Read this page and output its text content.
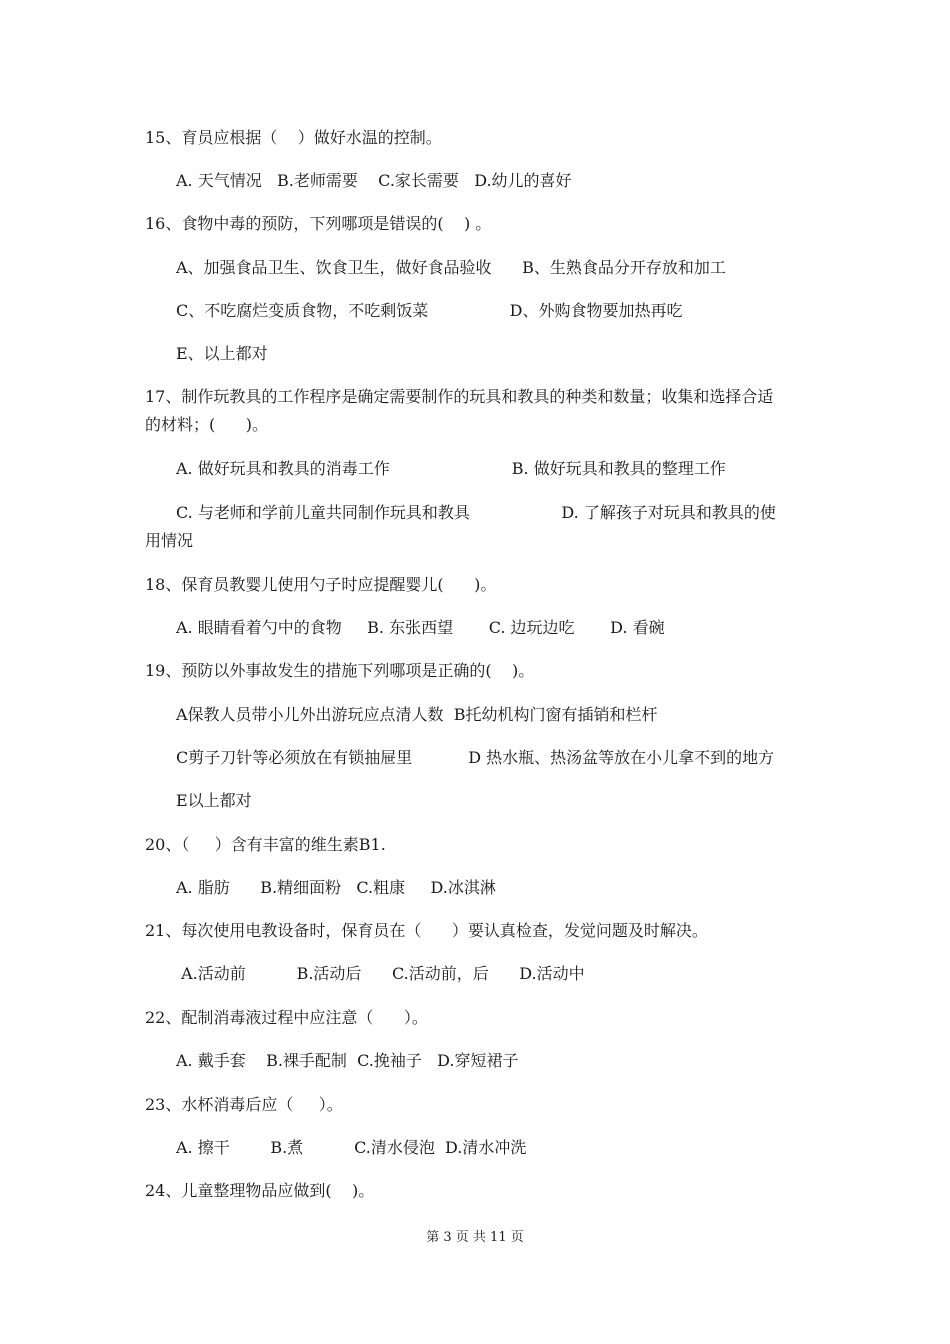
15、育员应根据（    ）做好水温的控制。
A. 天气情况   B.老师需要    C.家长需要   D.幼儿的喜好
16、食物中毒的预防，下列哪项是错误的(    ) 。
A、加强食品卫生、饮食卫生，做好食品验收      B、生熟食品分开存放和加工
C、不吃腐烂变质食物，不吃剩饭菜                D、外购食物要加热再吃
E、以上都对
17、制作玩教具的工作程序是确定需要制作的玩具和教具的种类和数量；收集和选择合适
的材料；(      )。
A. 做好玩具和教具的消毒工作                        B. 做好玩具和教具的整理工作
C. 与老师和学前儿童共同制作玩具和教具                  D. 了解孩子对玩具和教具的使
用情况
18、保育员教婴儿使用勺子时应提醒婴儿(      )。
A. 眼睛看着勺中的食物     B. 东张西望       C. 边玩边吃       D. 看碗
19、预防以外事故发生的措施下列哪项是正确的(    )。
A保教人员带小儿外出游玩应点清人数  B托幼机构门窗有插销和栏杆
C剪子刀针等必须放在有锁抽屉里           D 热水瓶、热汤盆等放在小儿拿不到的地方
E以上都对
20、（     ）含有丰富的维生素B1.
A. 脂肪      B.精细面粉   C.粗康     D.冰淇淋
21、每次使用电教设备时，保育员在（      ）要认真检查，发觉问题及时解决。
A.活动前          B.活动后      C.活动前，后      D.活动中
22、配制消毒液过程中应注意（      ）。
A. 戴手套    B.裸手配制  C.挽袖子   D.穿短裙子
23、水杯消毒后应（     ）。
A. 擦干        B.煮          C.清水侵泡  D.清水冲洗
24、儿童整理物品应做到(    )。
第 3 页 共 11 页
